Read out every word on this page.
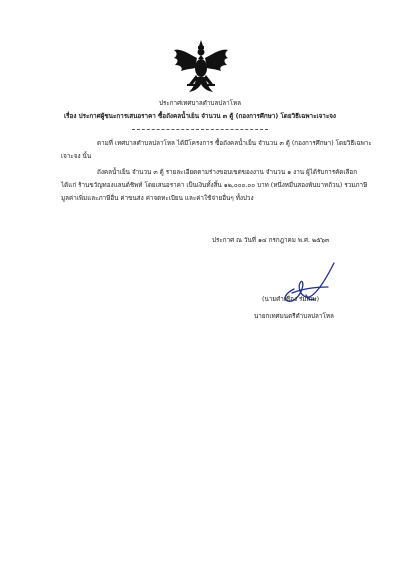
ประกาศเทศบาลตำบลปลาโหล
เรื่อง ประกาศผู้ชนะการเสนอราคา ซื้อถังคลน้ำเย็น จำนวน ๓ ตู้ (กองการศึกษา) โดยวิธีเฉพาะเจาะจง
ตามที่ เทศบาลตำบลปลาโหล ได้มีโครงการ ซื้อถังคลน้ำเย็น จำนวน ๓ ตู้ (กองการศึกษา) โดยวิธีเฉพาะ
เจาะจง นั้น
ถังคลน้ำเย็น จำนวน ๓ ตู้ รายละเอียดตามร่างขอบเขตของงาน จำนวน ๑ งาน ผู้ได้รับการคัดเลือก
ได้แก่ ร้านขวัญทองแลนด์ชิพท์ โดยเสนอราคา เป็นเงินทั้งสิ้น ๑๒,๐๐๐.๐๐ บาท (หนึ่งหมื่นสองพันบาทถ้วน) รวมภาษี
มูลค่าเพิ่มและภาษีอื่น ค่าขนส่ง ค่าจดทะเบียน และค่าใช้จ่ายอื่นๆ ทั้งปวง
ประกาศ ณ วันที่ ๑๔ กรกฎาคม พ.ศ. ๒๕๖๓
(นายคำเชื่อง ร่มเกษ)
นายกเทศมนตรีตำบลปลาโหล
